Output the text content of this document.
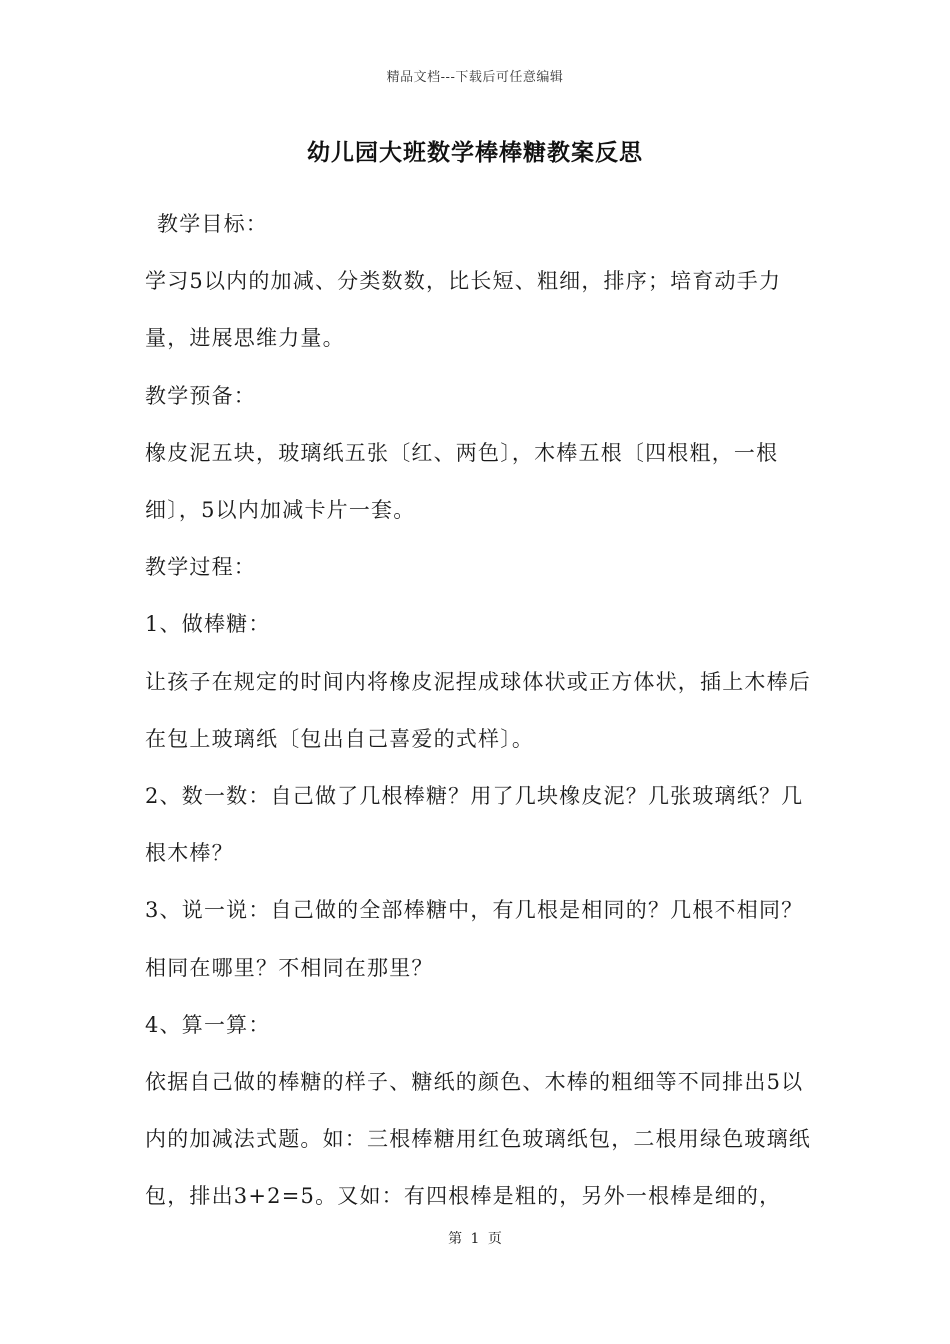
精品文档---下载后可任意编辑
幼儿园大班数学棒棒糖教案反思

教学目标：

学习5以内的加减、分类数数，比长短、粗细，排序；培育动手力量，进展思维力量。

教学预备：

橡皮泥五块，玻璃纸五张〔红、两色〕，木棒五根〔四根粗，一根细〕，5以内加减卡片一套。

教学过程：

1、做棒糖：

让孩子在规定的时间内将橡皮泥捏成球体状或正方体状，插上木棒后在包上玻璃纸〔包出自己喜爱的式样〕。

2、数一数：自己做了几根棒糖？用了几块橡皮泥？几张玻璃纸？几根木棒？

3、说一说：自己做的全部棒糖中，有几根是相同的？几根不相同？相同在哪里？不相同在那里？

4、算一算：

依据自己做的棒糖的样子、糖纸的颜色、木棒的粗细等不同排出5以内的加减法式题。如：三根棒糖用红色玻璃纸包，二根用绿色玻璃纸包，排出3+2=5。又如：有四根棒是粗的，另外一根棒是细的，

第 1 页
